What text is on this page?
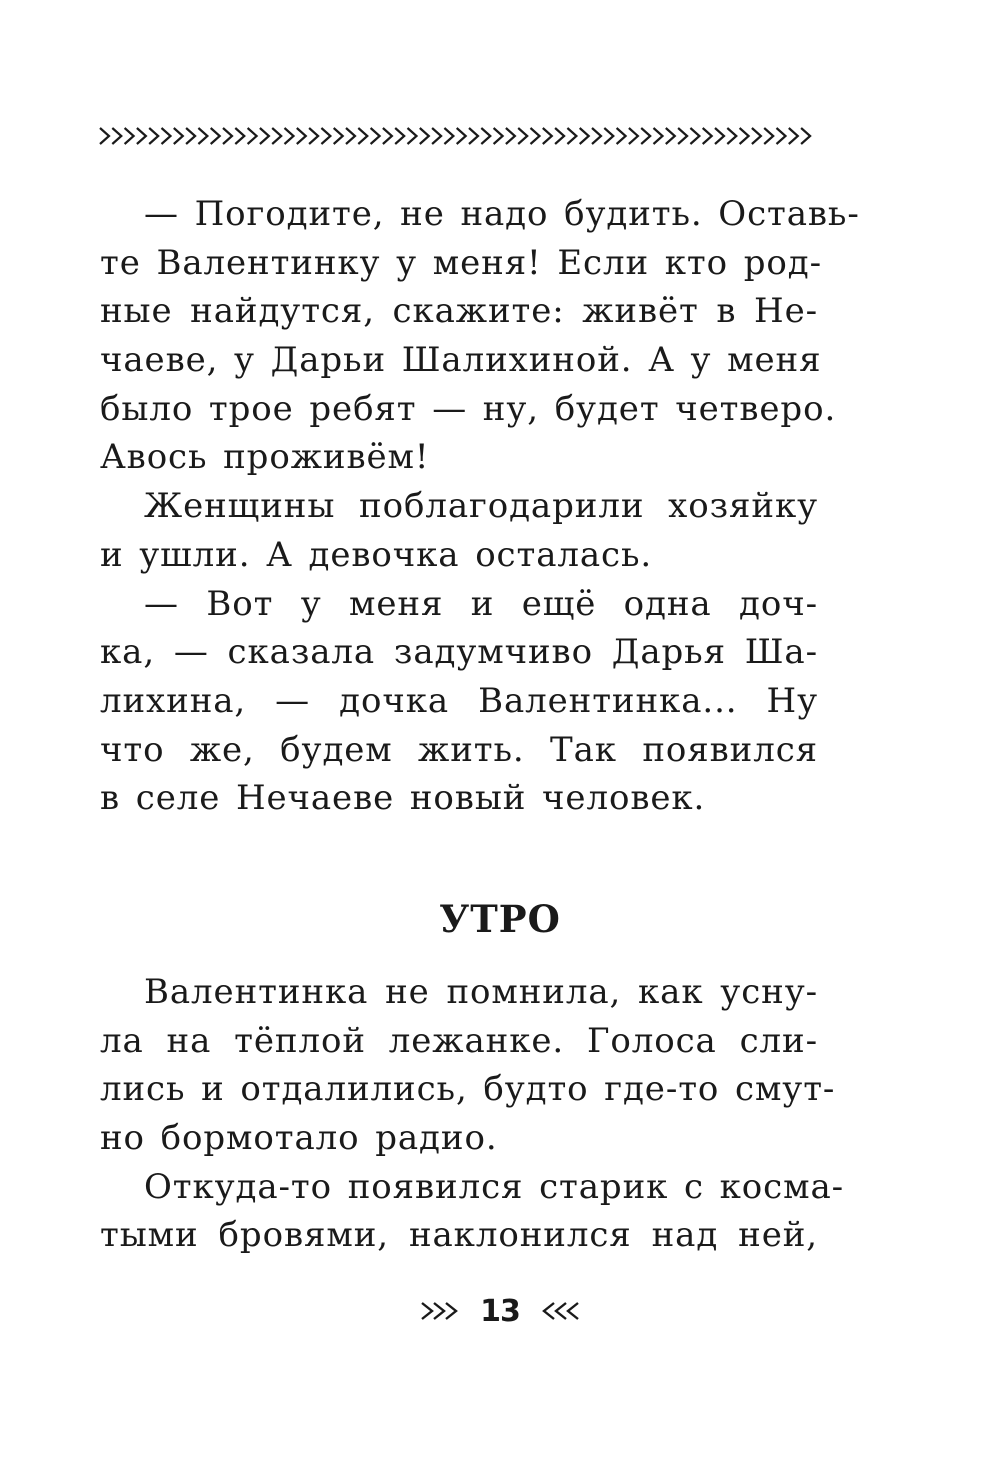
— Погодите, не надо будить. Оставь-
те Валентинку у меня! Если кто род-
ные найдутся, скажите: живёт в Не-
чаеве, у Дарьи Шалихиной. А у меня
было трое ребят — ну, будет четверо.
Авось проживём!
Женщины поблагодарили хозяйку
и ушли. А девочка осталась.
— Вот у меня и ещё одна доч-
ка, — сказала задумчиво Дарья Ша-
лихина, — дочка Валентинка... Ну
что же, будем жить. Так появился
в селе Нечаеве новый человек.
УТРО
Валентинка не помнила, как усну-
ла на тёплой лежанке. Голоса сли-
лись и отдалились, будто где-то смут-
но бормотало радио.
Откуда-то появился старик с косма-
тыми бровями, наклонился над ней,
13
